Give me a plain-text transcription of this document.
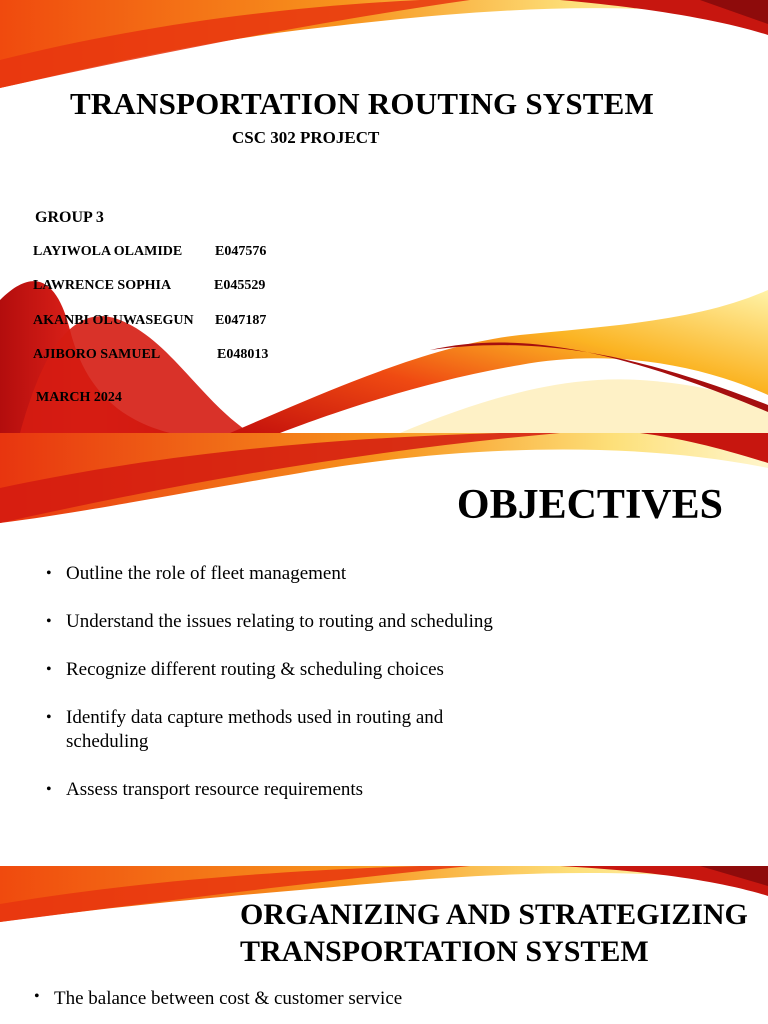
TRANSPORTATION ROUTING SYSTEM
CSC 302 PROJECT
GROUP 3
LAYIWOLA OLAMIDE E047576
LAWRENCE SOPHIA	E045529
AKANBI OLUWASEGUN E047187
AJIBORO SAMUEL	E048013
MARCH 2024
OBJECTIVES
• Outline the role of fleet management
• Understand the issues relating to routing and scheduling
• Recognize different routing & scheduling choices
• Identify data capture methods used in routing and scheduling
• Assess transport resource requirements
ORGANIZING AND STRATEGIZING
TRANSPORTATION SYSTEM
• The balance between cost & customer service
